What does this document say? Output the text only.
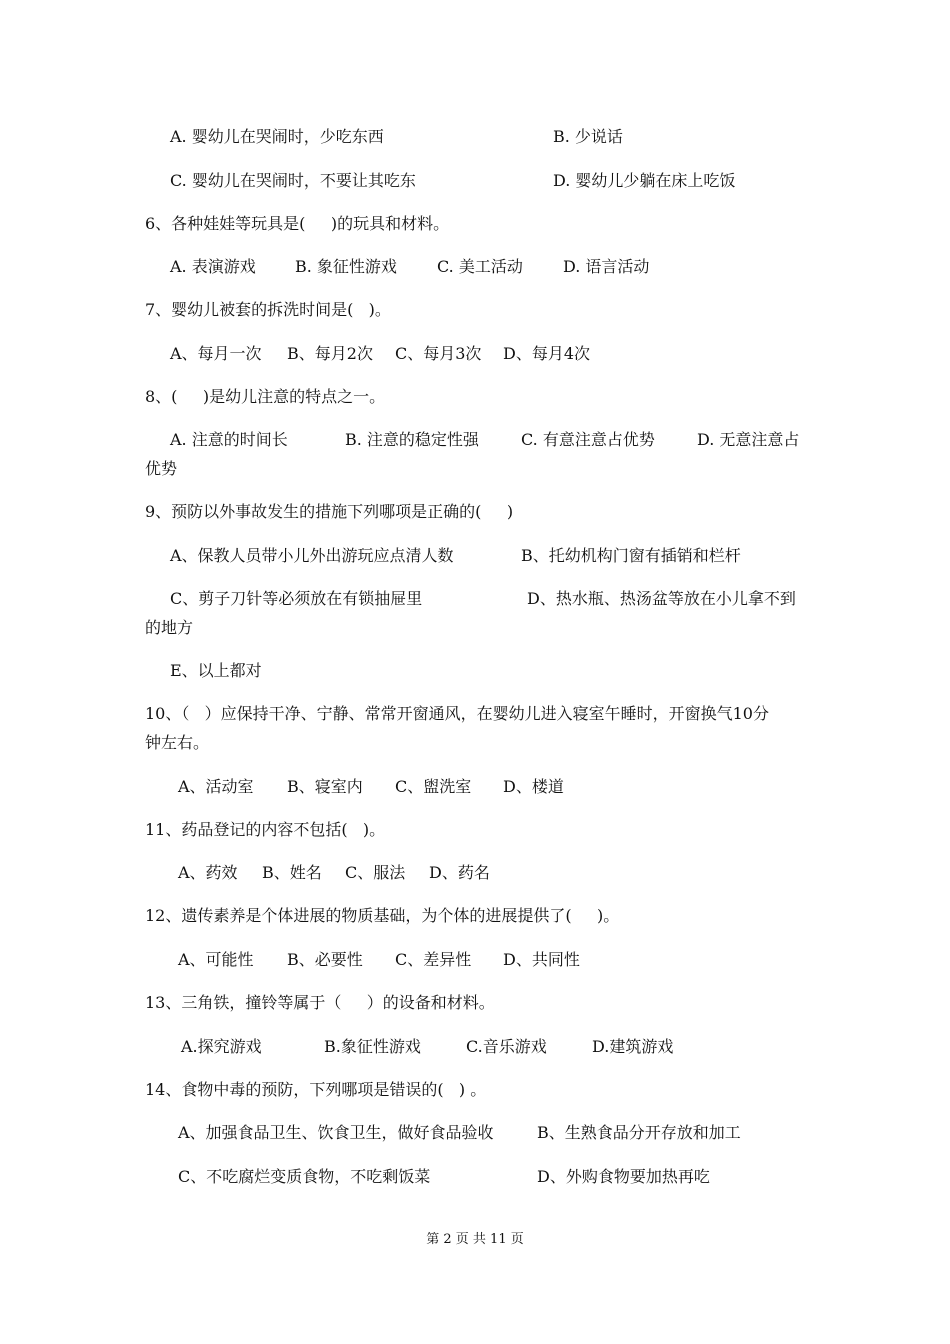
A. 婴幼儿在哭闹时，少吃东西	B. 少说话
C. 婴幼儿在哭闹时，不要让其吃东	D. 婴幼儿少躺在床上吃饭
6、各种娃娃等玩具是(     )的玩具和材料。
A. 表演游戏 B. 象征性游戏	C. 美工活动	D. 语言活动
7、婴幼儿被套的拆洗时间是(   )。
A、每月一次 B、每月2次 C、每月3次 D、每月4次
8、(     )是幼儿注意的特点之一。
A. 注意的时间长	B. 注意的稳定性强	C. 有意注意占优势	D. 无意注意占
优势
9、预防以外事故发生的措施下列哪项是正确的(     )
A、保教人员带小儿外出游玩应点清人数	B、托幼机构门窗有插销和栏杆
C、剪子刀针等必须放在有锁抽屉里	D、热水瓶、热汤盆等放在小儿拿不到
的地方
E、以上都对
10、（   ）应保持干净、宁静、常常开窗通风，在婴幼儿进入寝室午睡时，开窗换气10分
钟左右。
A、活动室 B、寝室内 C、盥洗室 D、楼道
11、药品登记的内容不包括(   )。
A、药效 B、姓名 C、服法 D、药名
12、遗传素养是个体进展的物质基础，为个体的进展提供了(     )。
A、可能性 B、必要性 C、差异性 D、共同性
13、三角铁，撞铃等属于（     ）的设备和材料。
A.探究游戏	B.象征性游戏	C.音乐游戏	D.建筑游戏
14、食物中毒的预防，下列哪项是错误的(   ) 。
A、加强食品卫生、饮食卫生，做好食品验收	B、生熟食品分开存放和加工
C、不吃腐烂变质食物，不吃剩饭菜	D、外购食物要加热再吃
第 2 页 共 11 页
